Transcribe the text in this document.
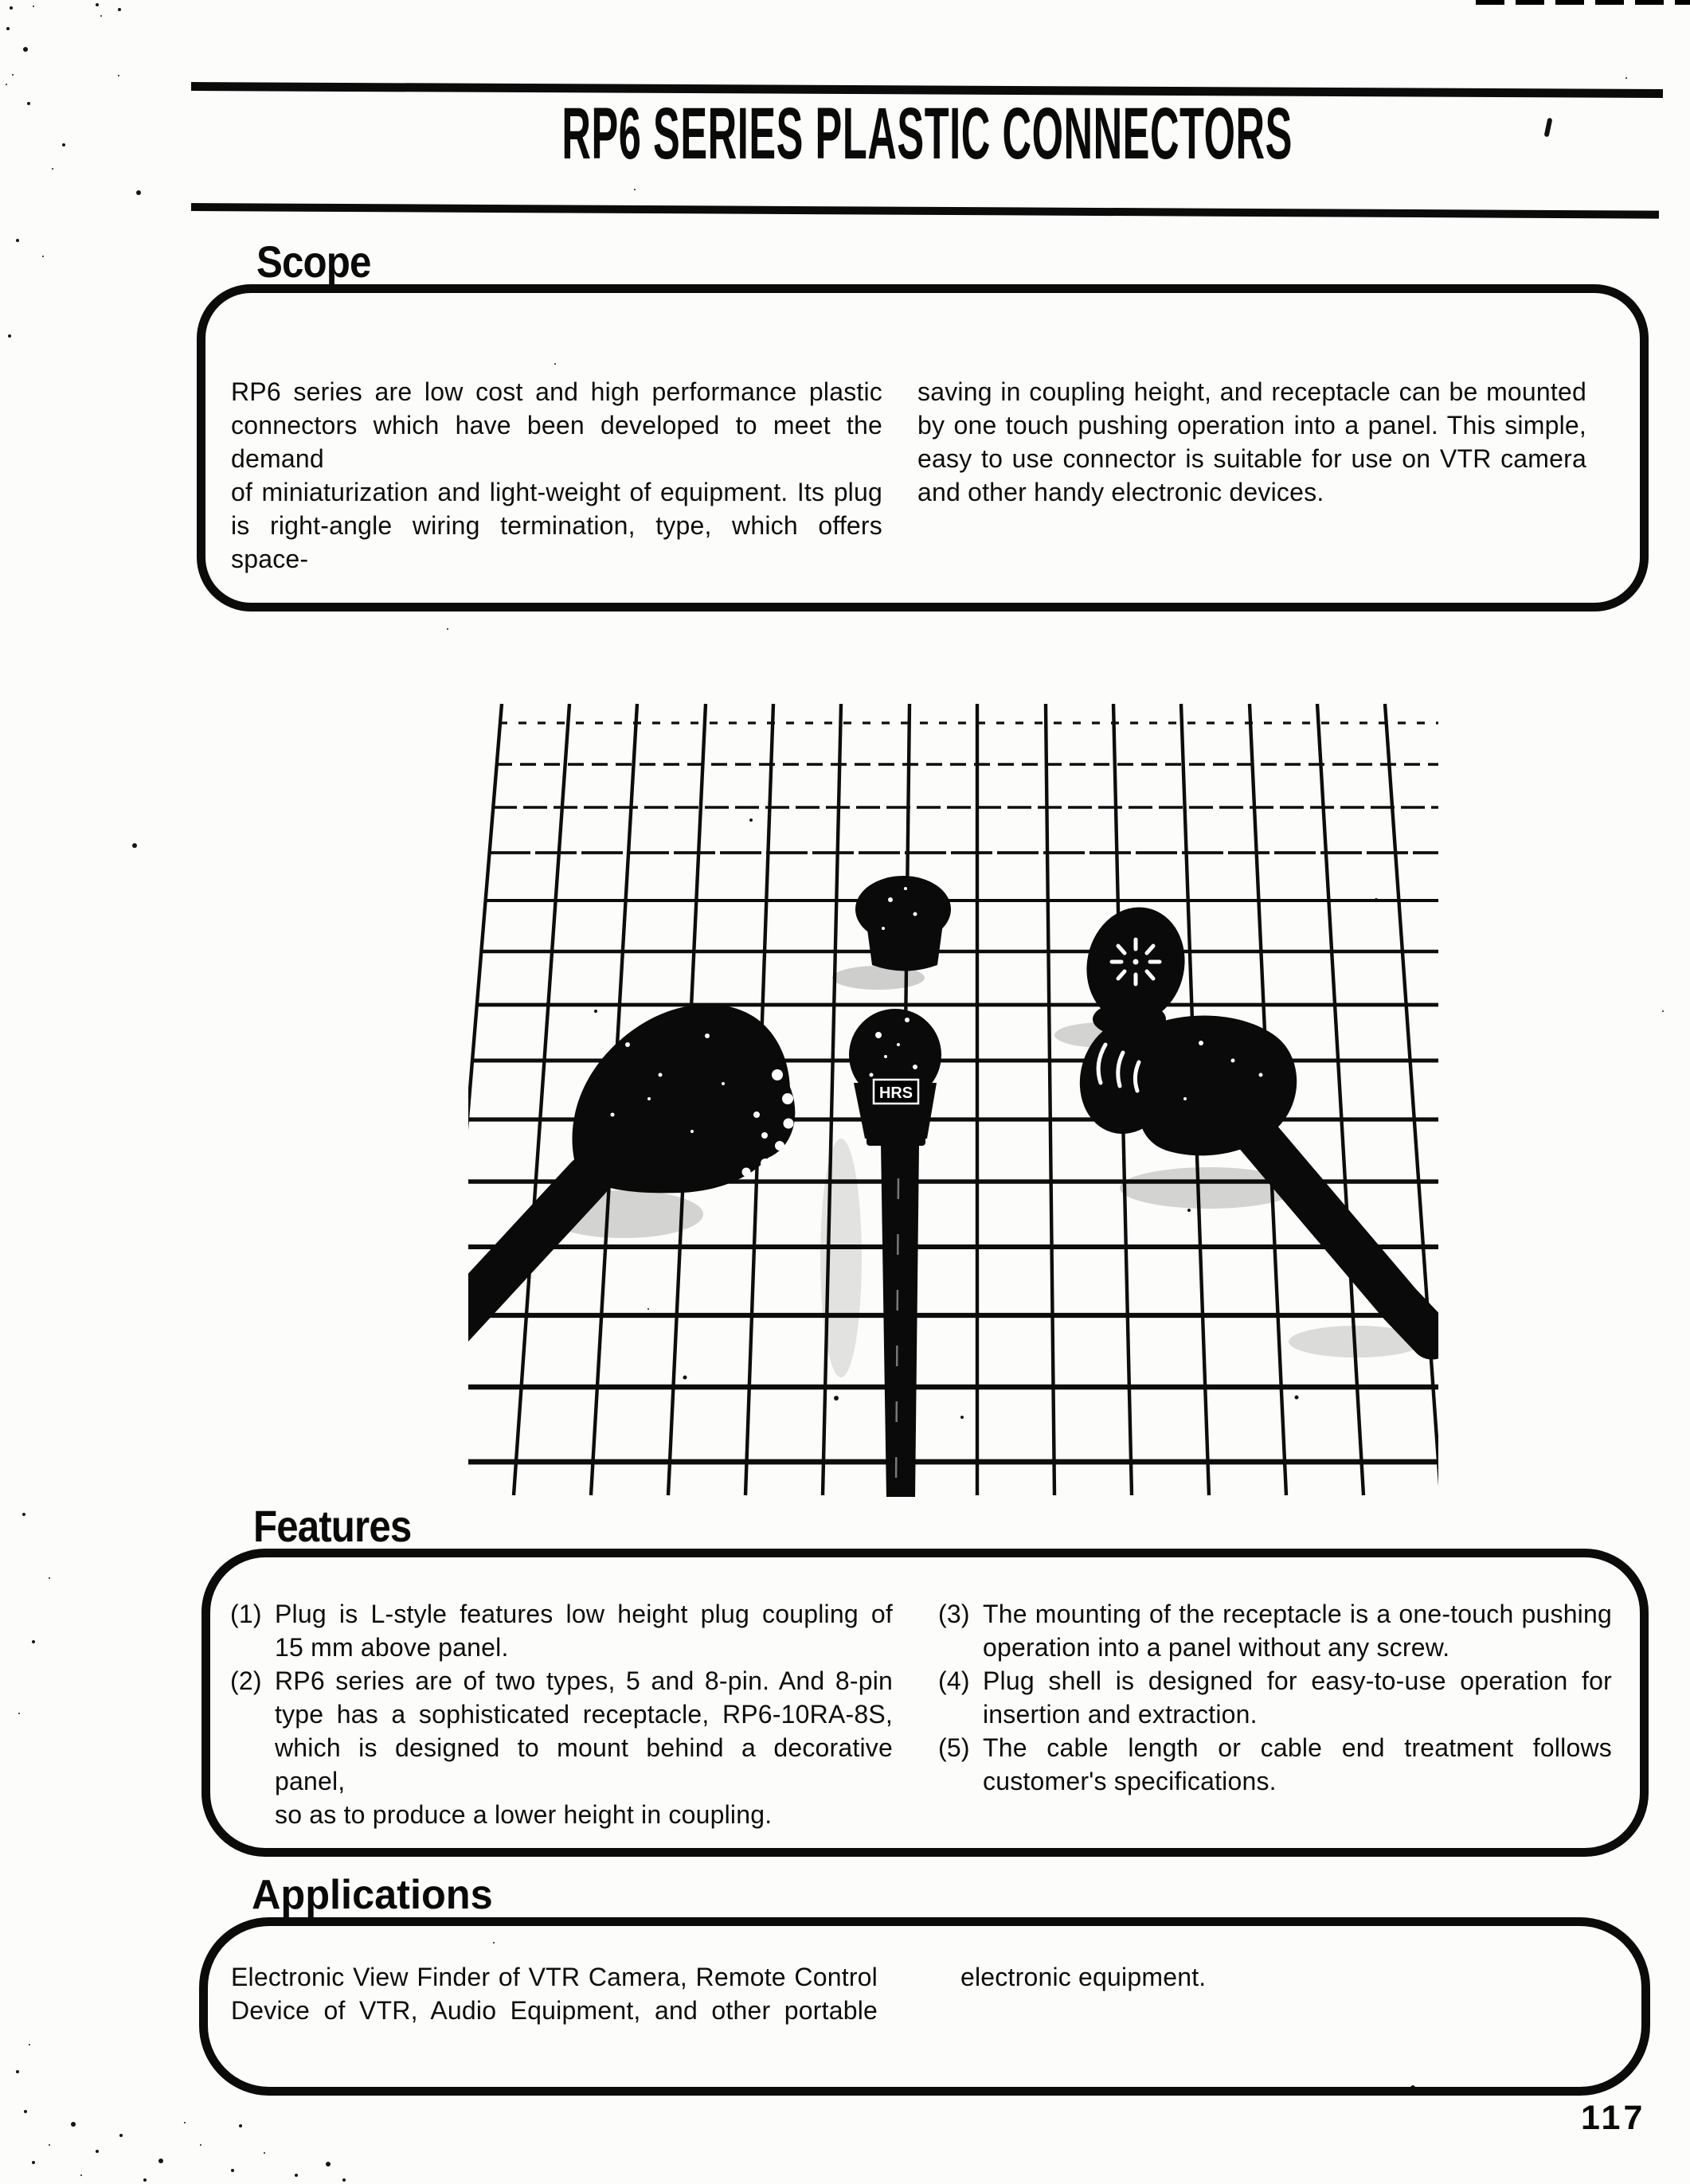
RP6 SERIES PLASTIC CONNECTORS
Scope
RP6 series are low cost and high performance plastic
connectors which have been developed to meet the demand
of miniaturization and light-weight of equipment. Its plug
is right-angle wiring termination, type, which offers space-
saving in coupling height, and receptacle can be mounted
by one touch pushing operation into a panel. This simple,
easy to use connector is suitable for use on VTR camera
and other handy electronic devices.
HRS
Features
(1) Plug is L-style features low height plug coupling of
15 mm above panel.
(2) RP6 series are of two types, 5 and 8-pin. And 8-pin
type has a sophisticated receptacle, RP6-10RA-8S,
which is designed to mount behind a decorative panel,
so as to produce a lower height in coupling.
(3) The mounting of the receptacle is a one-touch pushing
operation into a panel without any screw.
(4) Plug shell is designed for easy-to-use operation for
insertion and extraction.
(5) The cable length or cable end treatment follows
customer's specifications.
Applications
Electronic View Finder of VTR Camera, Remote Control
Device of VTR, Audio Equipment, and other portable
electronic equipment.
117
